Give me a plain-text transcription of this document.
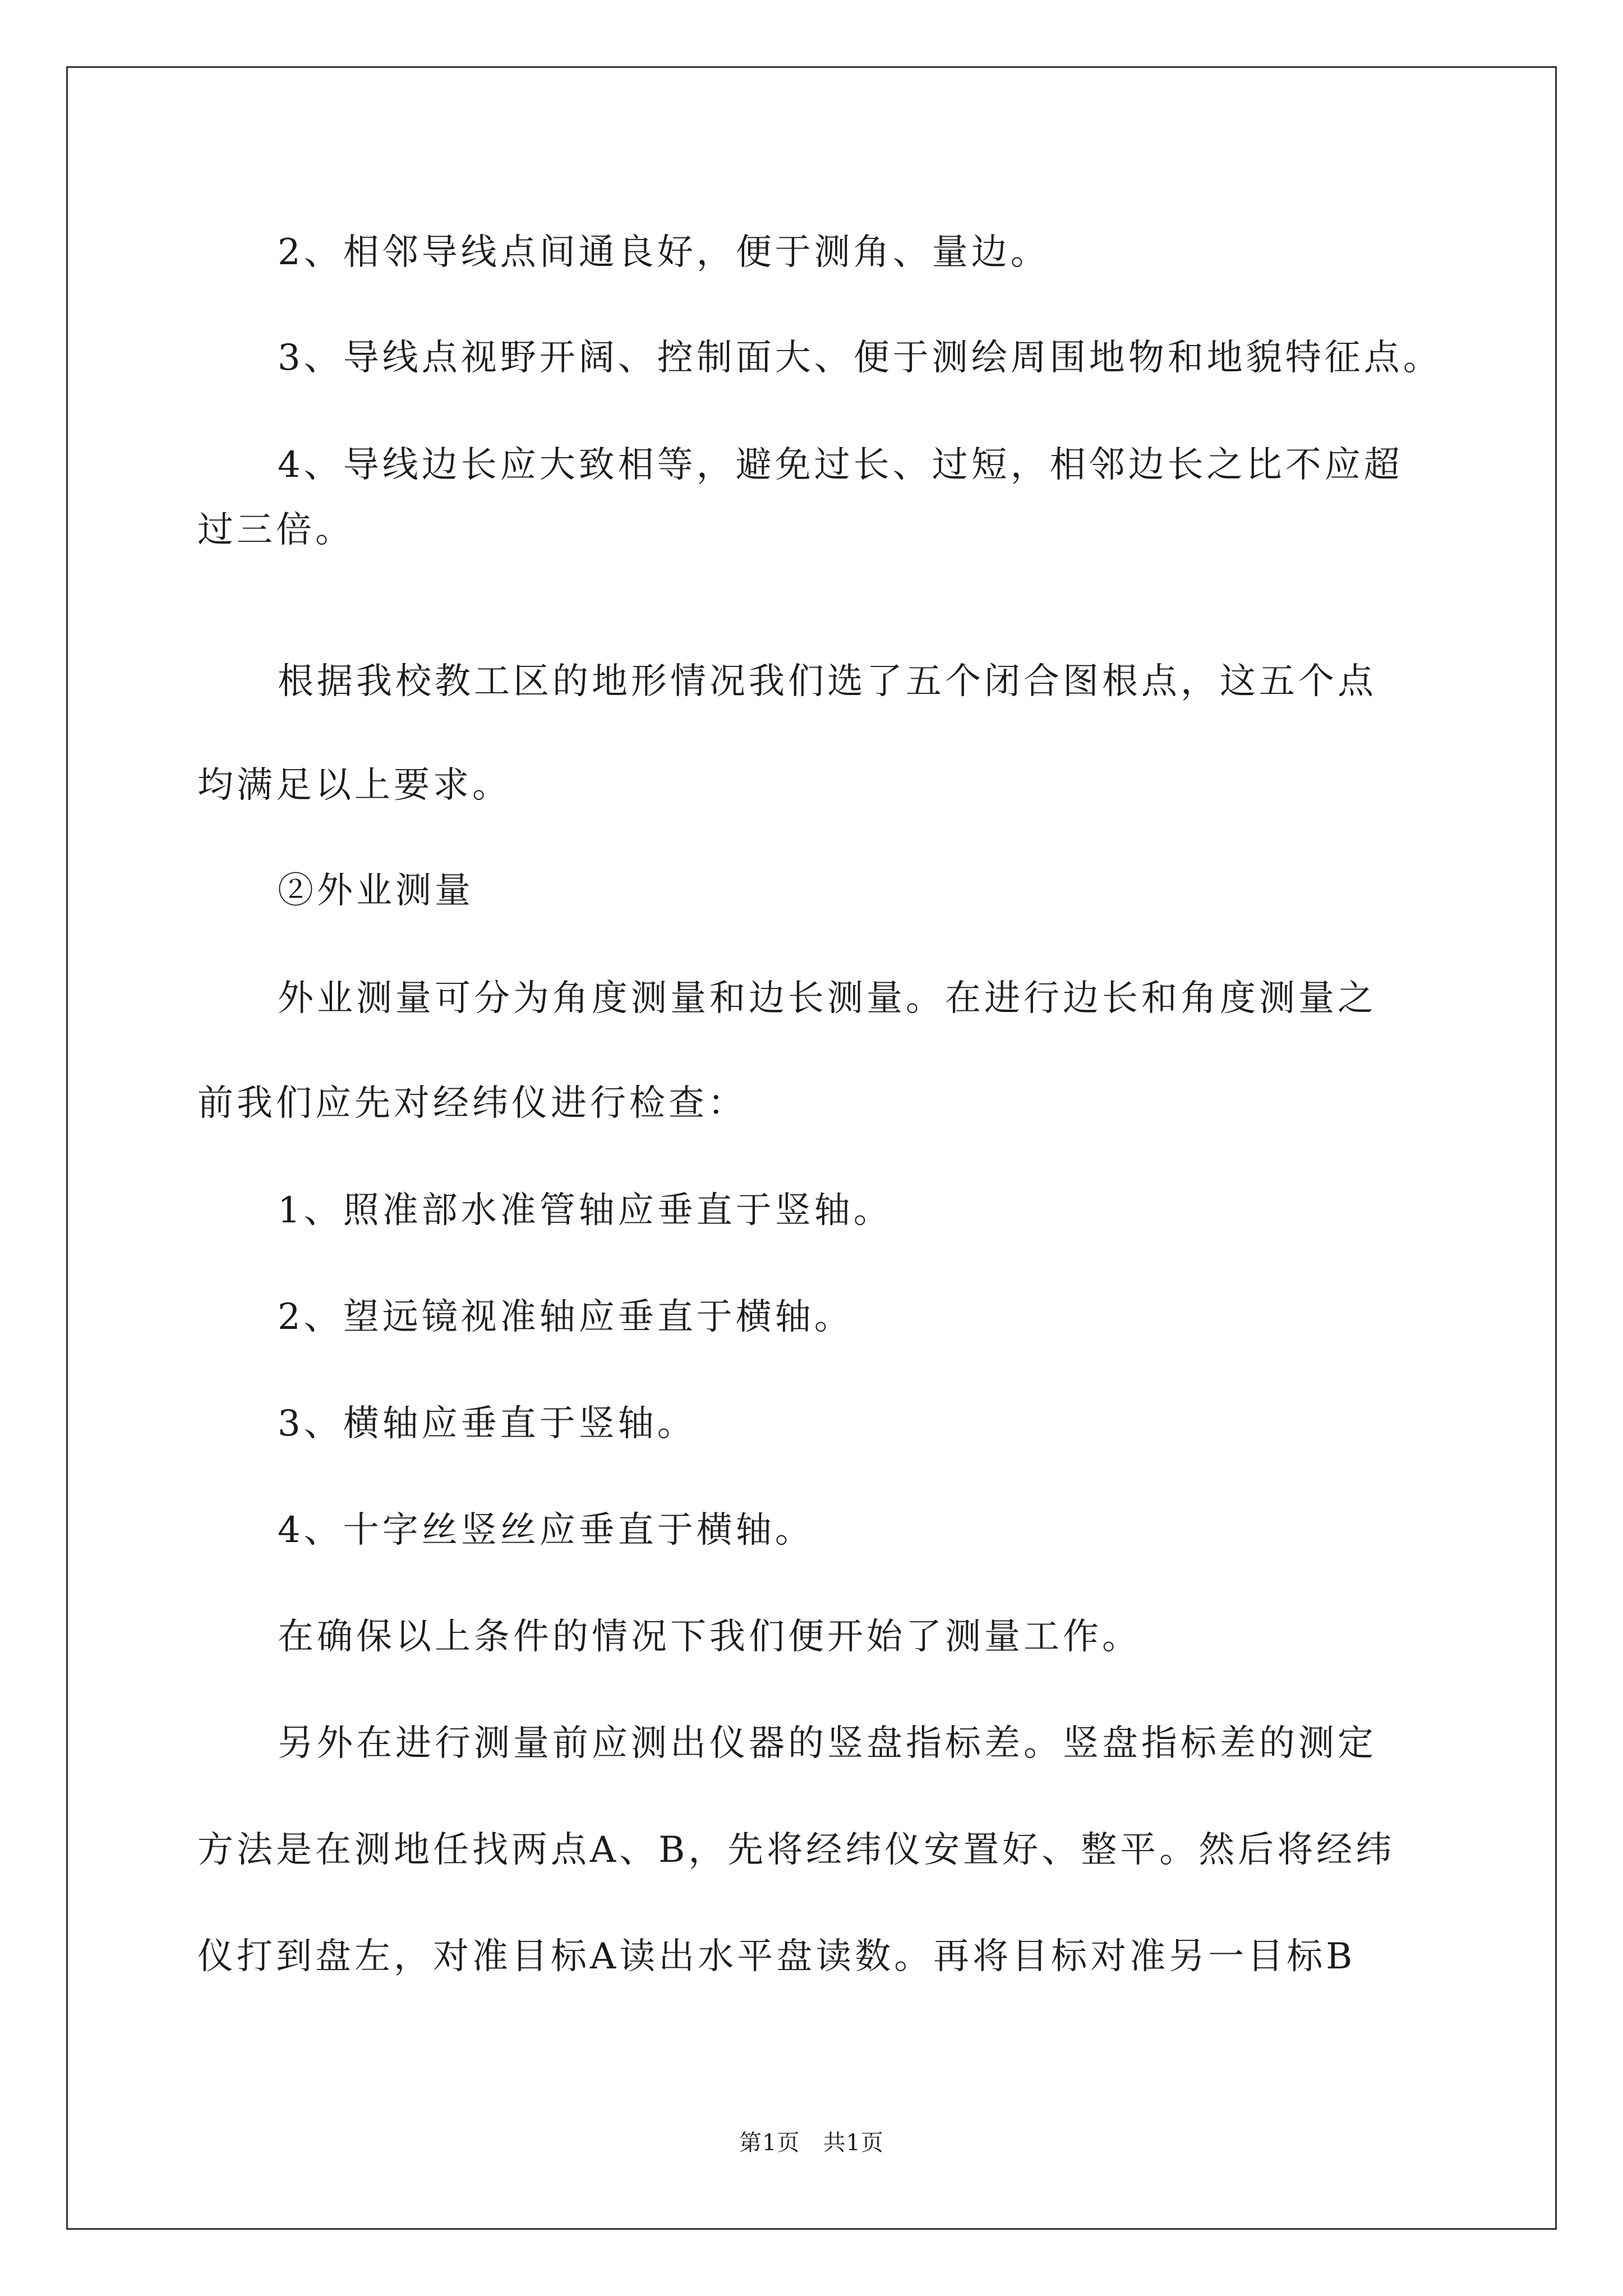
2、相邻导线点间通良好，便于测角、量边。
3、导线点视野开阔、控制面大、便于测绘周围地物和地貌特征点。
4、导线边长应大致相等，避免过长、过短，相邻边长之比不应超
过三倍。
根据我校教工区的地形情况我们选了五个闭合图根点，这五个点
均满足以上要求。
②外业测量
外业测量可分为角度测量和边长测量。在进行边长和角度测量之
前我们应先对经纬仪进行检查：
1、照准部水准管轴应垂直于竖轴。
2、望远镜视准轴应垂直于横轴。
3、横轴应垂直于竖轴。
4、十字丝竖丝应垂直于横轴。
在确保以上条件的情况下我们便开始了测量工作。
另外在进行测量前应测出仪器的竖盘指标差。竖盘指标差的测定
方法是在测地任找两点A、B，先将经纬仪安置好、整平。然后将经纬
仪打到盘左，对准目标A读出水平盘读数。再将目标对准另一目标B
第1页　共1页
